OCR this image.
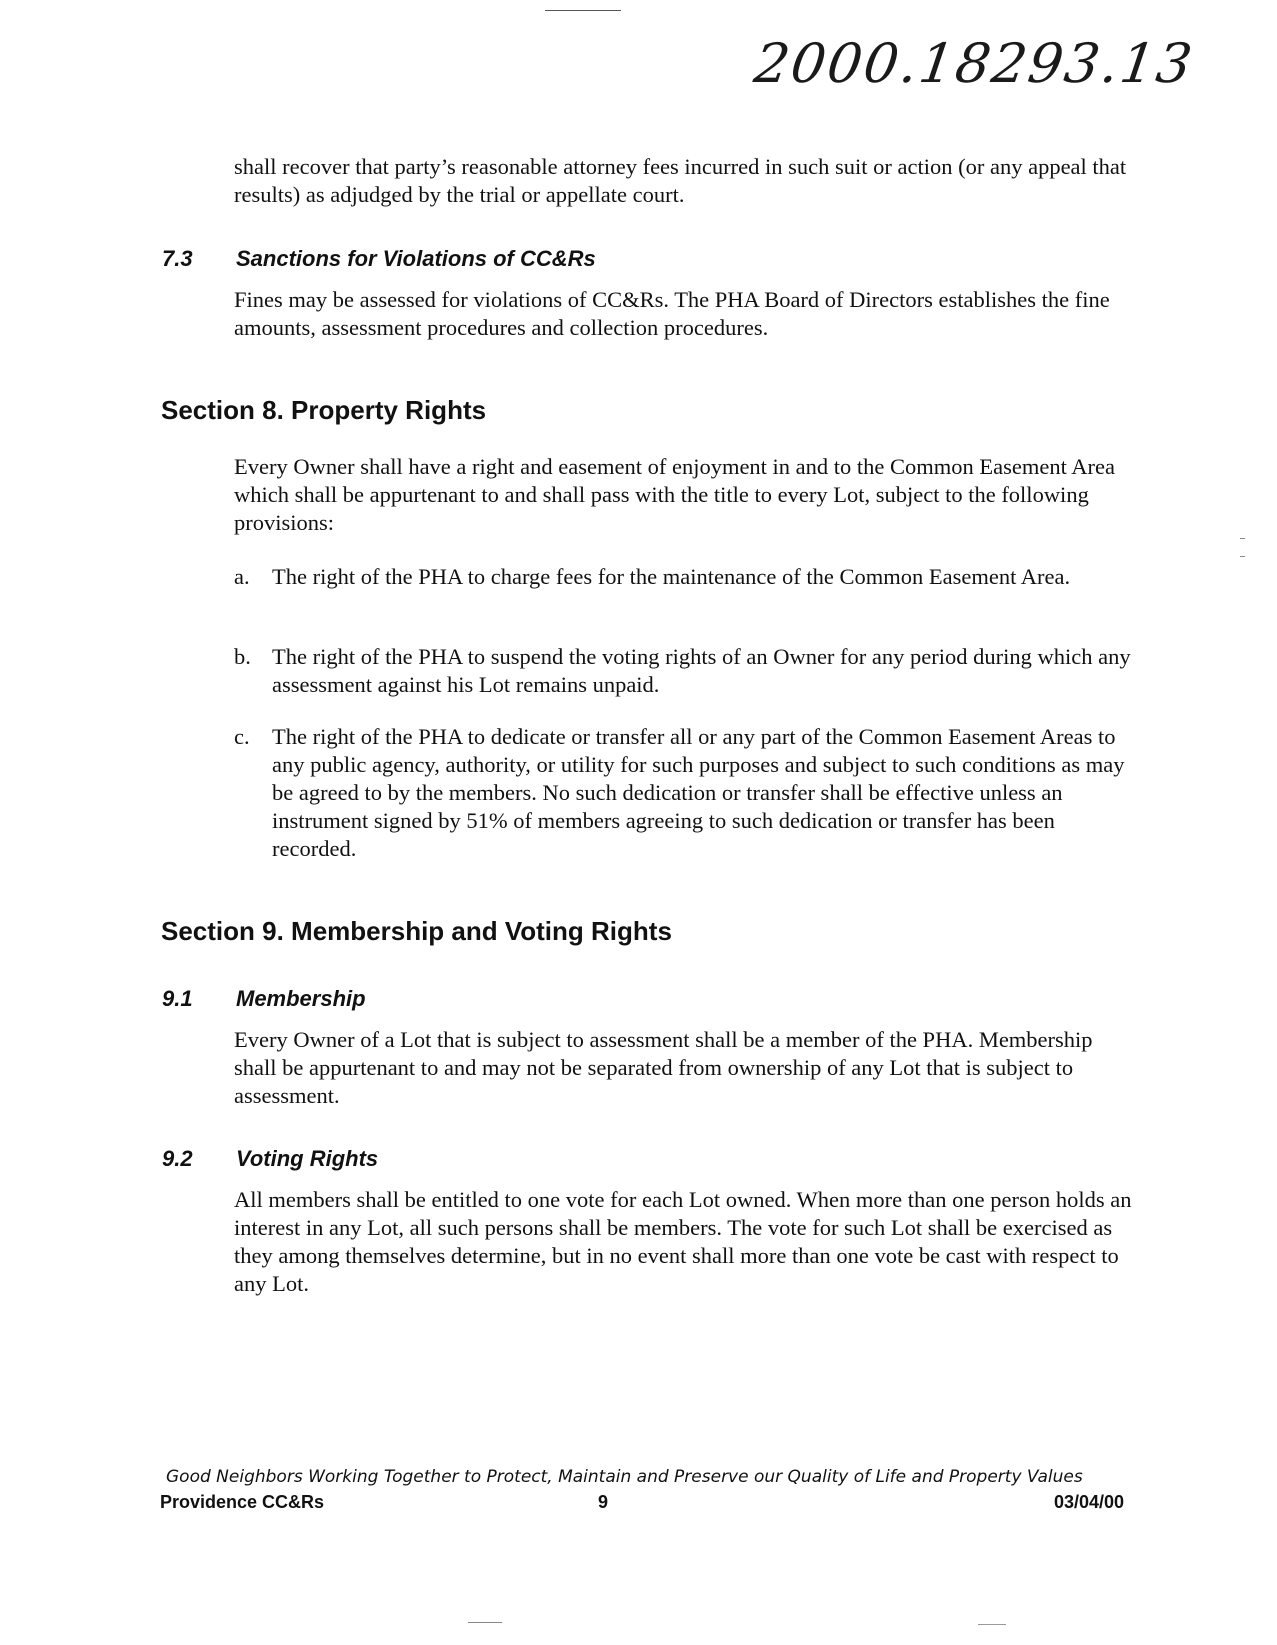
2000.18293.13
shall recover that party’s reasonable attorney fees incurred in such suit or action (or any appeal that results) as adjudged by the trial or appellate court.
7.3 Sanctions for Violations of CC&Rs
Fines may be assessed for violations of CC&Rs. The PHA Board of Directors establishes the fine amounts, assessment procedures and collection procedures.
Section 8. Property Rights
Every Owner shall have a right and easement of enjoyment in and to the Common Easement Area which shall be appurtenant to and shall pass with the title to every Lot, subject to the following provisions:
a. The right of the PHA to charge fees for the maintenance of the Common Easement Area.
b. The right of the PHA to suspend the voting rights of an Owner for any period during which any assessment against his Lot remains unpaid.
c. The right of the PHA to dedicate or transfer all or any part of the Common Easement Areas to any public agency, authority, or utility for such purposes and subject to such conditions as may be agreed to by the members. No such dedication or transfer shall be effective unless an instrument signed by 51% of members agreeing to such dedication or transfer has been recorded.
Section 9. Membership and Voting Rights
9.1 Membership
Every Owner of a Lot that is subject to assessment shall be a member of the PHA. Membership shall be appurtenant to and may not be separated from ownership of any Lot that is subject to assessment.
9.2 Voting Rights
All members shall be entitled to one vote for each Lot owned. When more than one person holds an interest in any Lot, all such persons shall be members. The vote for such Lot shall be exercised as they among themselves determine, but in no event shall more than one vote be cast with respect to any Lot.
Good Neighbors Working Together to Protect, Maintain and Preserve our Quality of Life and Property Values
Providence CC&Rs	9	03/04/00
